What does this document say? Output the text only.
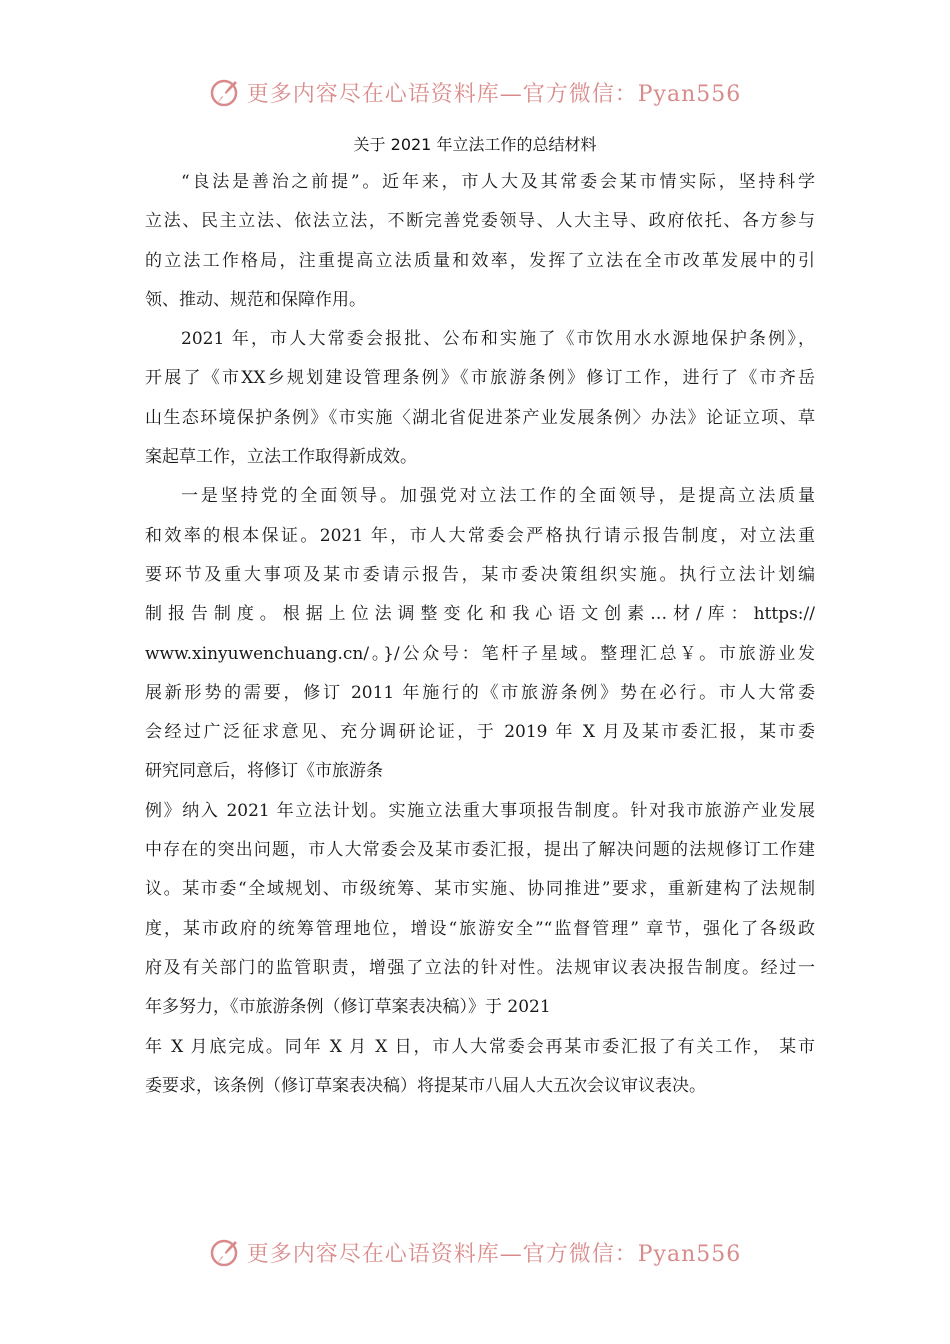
更多内容尽在心语资料库—官方微信：Pyan556
关于 2021 年立法工作的总结材料
“良法是善治之前提”。近年来，市人大及其常委会某市情实际，坚持科学
立法、民主立法、依法立法，不断完善党委领导、人大主导、政府依托、各方参与
的立法工作格局，注重提高立法质量和效率，发挥了立法在全市改革发展中的引
领、推动、规范和保障作用。
2021 年，市人大常委会报批、公布和实施了《市饮用水水源地保护条例》，
开展了《市XX乡规划建设管理条例》《市旅游条例》修订工作，进行了《市齐岳
山生态环境保护条例》《市实施〈湖北省促进茶产业发展条例〉办法》论证立项、草
案起草工作，立法工作取得新成效。
一是坚持党的全面领导。加强党对立法工作的全面领导，是提高立法质量
和效率的根本保证。2021 年，市人大常委会严格执行请示报告制度，对立法重
要环节及重大事项及某市委请示报告，某市委决策组织实施。执行立法计划编
制报告制度。根据上位法调整变化和我心语文创素…材/库：https://
www.xinyuwenchuang.cn/。}/公众号：笔杆子星域。整理汇总￥。市旅游业发
展新形势的需要，修订 2011 年施行的《市旅游条例》势在必行。市人大常委
会经过广泛征求意见、充分调研论证，于 2019 年 X 月及某市委汇报，某市委
研究同意后，将修订《市旅游条
例》纳入 2021 年立法计划。实施立法重大事项报告制度。针对我市旅游产业发展
中存在的突出问题，市人大常委会及某市委汇报，提出了解决问题的法规修订工作建
议。某市委“全域规划、市级统筹、某市实施、协同推进”要求，重新建构了法规制
度，某市政府的统筹管理地位，增设“旅游安全”“监督管理” 章节，强化了各级政
府及有关部门的监管职责，增强了立法的针对性。法规审议表决报告制度。经过一
年多努力，《市旅游条例（修订草案表决稿）》于 2021
年 X 月底完成。同年 X 月 X 日，市人大常委会再某市委汇报了有关工作， 某市
委要求，该条例（修订草案表决稿）将提某市八届人大五次会议审议表决。
更多内容尽在心语资料库—官方微信：Pyan556
